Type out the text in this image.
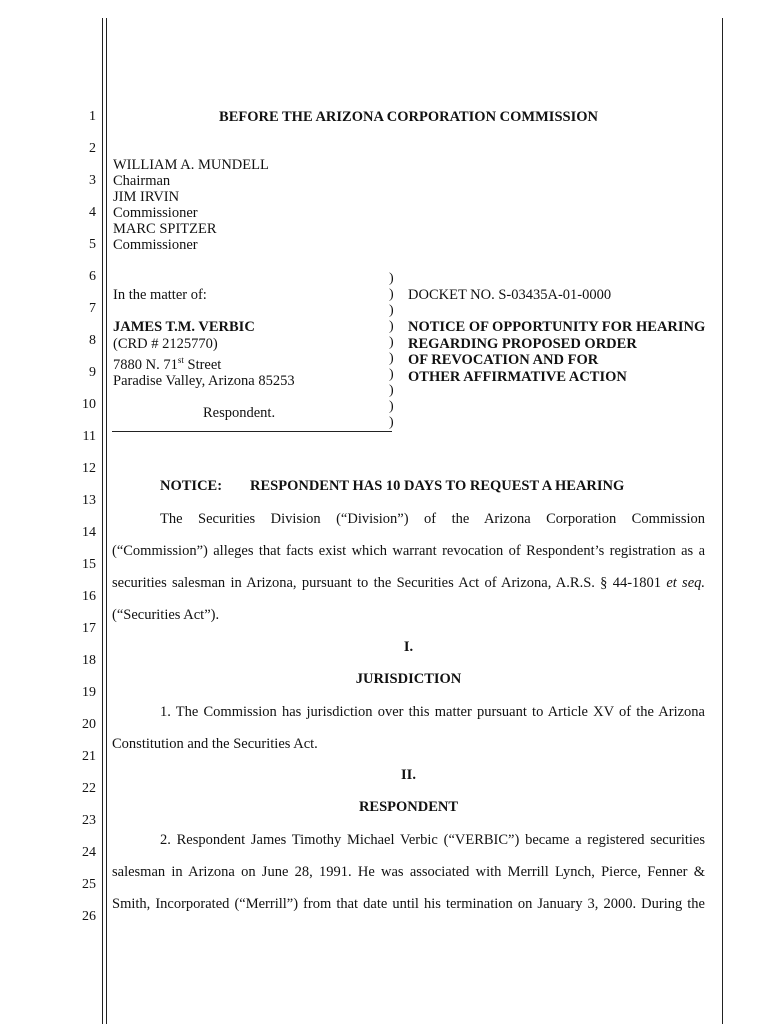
1
2
3
4
5
6
7
8
9
10
11
12
13
14
15
16
17
18
19
20
21
22
23
24
25
26
BEFORE THE ARIZONA CORPORATION COMMISSION
WILLIAM A. MUNDELL
Chairman
JIM IRVIN
Commissioner
MARC SPITZER
Commissioner
In the matter of:
JAMES T.M. VERBIC
(CRD # 2125770)
7880 N. 71st Street
Paradise Valley, Arizona 85253
Respondent.
)
)
)
)
)
)
)
)
)
)
DOCKET NO. S-03435A-01-0000
NOTICE OF OPPORTUNITY FOR HEARING
REGARDING PROPOSED ORDER
OF REVOCATION AND FOR
OTHER AFFIRMATIVE ACTION
NOTICE: RESPONDENT HAS 10 DAYS TO REQUEST A HEARING
The Securities Division (“Division”) of the Arizona Corporation Commission
(“Commission”) alleges that facts exist which warrant revocation of Respondent’s registration as a
securities salesman in Arizona, pursuant to the Securities Act of Arizona, A.R.S. § 44-1801 et seq.
(“Securities Act”).
I.
JURISDICTION
1. The Commission has jurisdiction over this matter pursuant to Article XV of the Arizona
Constitution and the Securities Act.
II.
RESPONDENT
2. Respondent James Timothy Michael Verbic (“VERBIC”) became a registered securities
salesman in Arizona on June 28, 1991. He was associated with Merrill Lynch, Pierce, Fenner &
Smith, Incorporated (“Merrill”) from that date until his termination on January 3, 2000. During the
